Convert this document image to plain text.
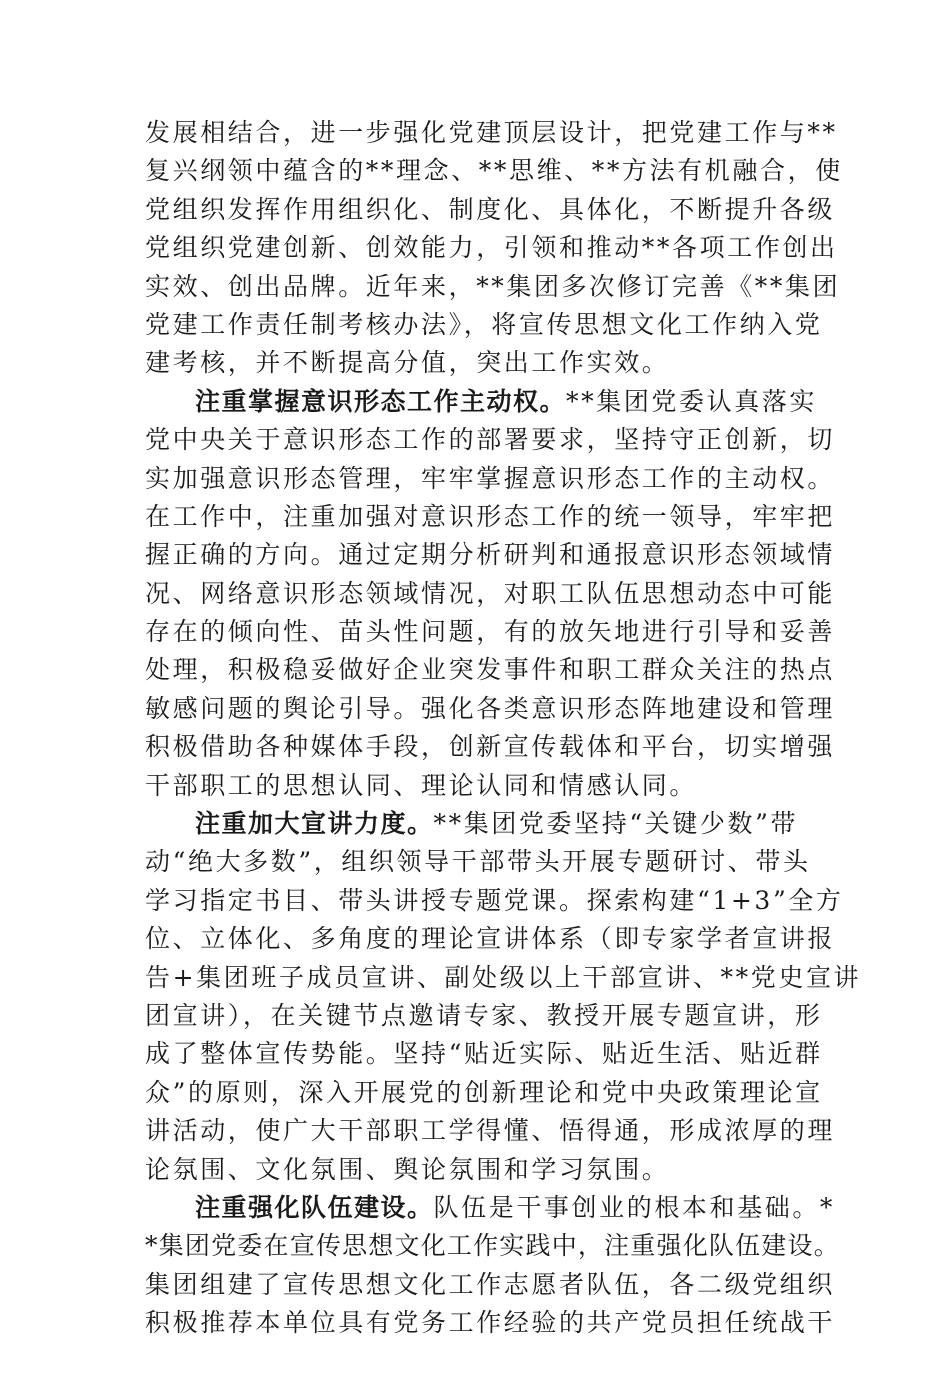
发展相结合，进一步强化党建顶层设计，把党建工作与**
复兴纲领中蕴含的**理念、**思维、**方法有机融合，使
党组织发挥作用组织化、制度化、具体化，不断提升各级
党组织党建创新、创效能力，引领和推动**各项工作创出
实效、创出品牌。近年来，**集团多次修订完善《**集团
党建工作责任制考核办法》，将宣传思想文化工作纳入党
建考核，并不断提高分值，突出工作实效。
注重掌握意识形态工作主动权。**集团党委认真落实
党中央关于意识形态工作的部署要求，坚持守正创新，切
实加强意识形态管理，牢牢掌握意识形态工作的主动权。
在工作中，注重加强对意识形态工作的统一领导，牢牢把
握正确的方向。通过定期分析研判和通报意识形态领域情
况、网络意识形态领域情况，对职工队伍思想动态中可能
存在的倾向性、苗头性问题，有的放矢地进行引导和妥善
处理，积极稳妥做好企业突发事件和职工群众关注的热点
敏感问题的舆论引导。强化各类意识形态阵地建设和管理
积极借助各种媒体手段，创新宣传载体和平台，切实增强
干部职工的思想认同、理论认同和情感认同。
注重加大宣讲力度。**集团党委坚持“关键少数”带
动“绝大多数”，组织领导干部带头开展专题研讨、带头
学习指定书目、带头讲授专题党课。探索构建“1+3”全方
位、立体化、多角度的理论宣讲体系（即专家学者宣讲报
告+集团班子成员宣讲、副处级以上干部宣讲、**党史宣讲
团宣讲），在关键节点邀请专家、教授开展专题宣讲，形
成了整体宣传势能。坚持“贴近实际、贴近生活、贴近群
众”的原则，深入开展党的创新理论和党中央政策理论宣
讲活动，使广大干部职工学得懂、悟得通，形成浓厚的理
论氛围、文化氛围、舆论氛围和学习氛围。
注重强化队伍建设。队伍是干事创业的根本和基础。*
*集团党委在宣传思想文化工作实践中，注重强化队伍建设。
集团组建了宣传思想文化工作志愿者队伍，各二级党组织
积极推荐本单位具有党务工作经验的共产党员担任统战干
